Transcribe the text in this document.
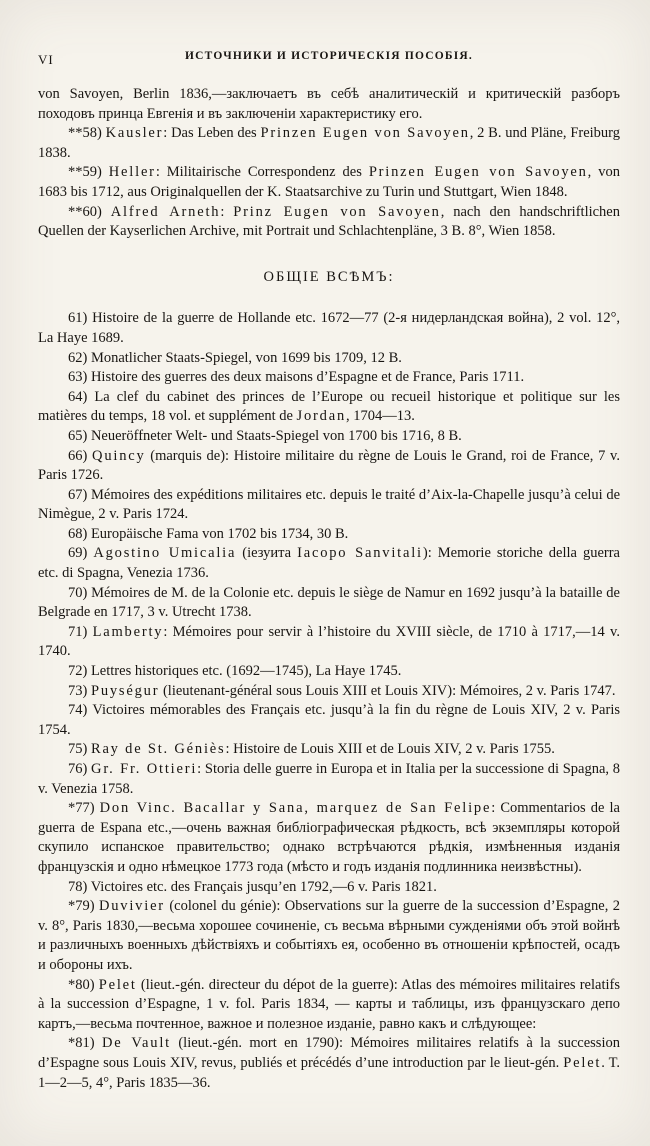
VI	ИСТОЧНИКИ И ИСТОРИЧЕСКІЯ ПОСОБІЯ.

von Savoyen, Berlin 1836,—заключаетъ въ себѣ аналитическій и критическій разборъ походовъ принца Евгенія и въ заключеніи характеристику его.

**58) Kausler: Das Leben des Prinzen Eugen von Savoyen, 2 B. und Pläne, Freiburg 1838.

**59) Heller: Militairische Correspondenz des Prinzen Eugen von Savoyen, von 1683 bis 1712, aus Originalquellen der K. Staatsarchive zu Turin und Stuttgart, Wien 1848.

**60) Alfred Arneth: Prinz Eugen von Savoyen, nach den handschriftlichen Quellen der Kayserlichen Archive, mit Portrait und Schlachtenpläne, 3 B. 8°, Wien 1858.

ОБЩІЕ ВСѢМЪ:

61) Histoire de la guerre de Hollande etc. 1672—77 (2-я нидерландская война), 2 vol. 12°, La Haye 1689.

62) Monatlicher Staats-Spiegel, von 1699 bis 1709, 12 B.

63) Histoire des guerres des deux maisons d’Espagne et de France, Paris 1711.

64) La clef du cabinet des princes de l’Europe ou recueil historique et politique sur les matières du temps, 18 vol. et supplément de Jordan, 1704—13.

65) Neueröffneter Welt- und Staats-Spiegel von 1700 bis 1716, 8 B.

66) Quincy (marquis de): Histoire militaire du règne de Louis le Grand, roi de France, 7 v. Paris 1726.

67) Mémoires des expéditions militaires etc. depuis le traité d’Aix-la-Chapelle jusqu’à celui de Nimègue, 2 v. Paris 1724.

68) Europäische Fama von 1702 bis 1734, 30 B.

69) Agostino Umicalia (іезуита Iacopo Sanvitali): Memorie storiche della guerra etc. di Spagna, Venezia 1736.

70) Mémoires de M. de la Colonie etc. depuis le siège de Namur en 1692 jusqu’à la bataille de Belgrade en 1717, 3 v. Utrecht 1738.

71) Lamberty: Mémoires pour servir à l’histoire du XVIII siècle, de 1710 à 1717,—14 v. 1740.

72) Lettres historiques etc. (1692—1745), La Haye 1745.

73) Puységur (lieutenant-général sous Louis XIII et Louis XIV): Mémoires, 2 v. Paris 1747.

74) Victoires mémorables des Français etc. jusqu’à la fin du règne de Louis XIV, 2 v. Paris 1754.

75) Ray de St. Géniès: Histoire de Louis XIII et de Louis XIV, 2 v. Paris 1755.

76) Gr. Fr. Ottieri: Storia delle guerre in Europa et in Italia per la successione di Spagna, 8 v. Venezia 1758.

*77) Don Vinc. Bacallar y Sana, marquez de San Felipe: Commentarios de la guerra de Espana etc.,—очень важная библіографическая рѣдкость, всѣ экземпляры которой скупило испанское правительство; однако встрѣчаются рѣдкія, измѣненныя изданія французскія и одно нѣмецкое 1773 года (мѣсто и годъ изданія подлинника неизвѣстны).

78) Victoires etc. des Français jusqu’en 1792,—6 v. Paris 1821.

*79) Duvivier (colonel du génie): Observations sur la guerre de la succession d’Espagne, 2 v. 8°, Paris 1830,—весьма хорошее сочиненіе, съ весьма вѣрными сужденіями объ этой войнѣ и различныхъ военныхъ дѣйствіяхъ и событіяхъ ея, особенно въ отношеніи крѣпостей, осадъ и обороны ихъ.

*80) Pelet (lieut.-gén. directeur du dépot de la guerre): Atlas des mémoires militaires relatifs à la succession d’Espagne, 1 v. fol. Paris 1834, — карты и таблицы, изъ французскаго депо картъ,—весьма почтенное, важное и полезное изданіе, равно какъ и слѣдующее:

*81) De Vault (lieut.-gén. mort en 1790): Mémoires militaires relatifs à la succession d’Espagne sous Louis XIV, revus, publiés et précédés d’une introduction par le lieut-gén. Pelet. T. 1—2—5, 4°, Paris 1835—36.
